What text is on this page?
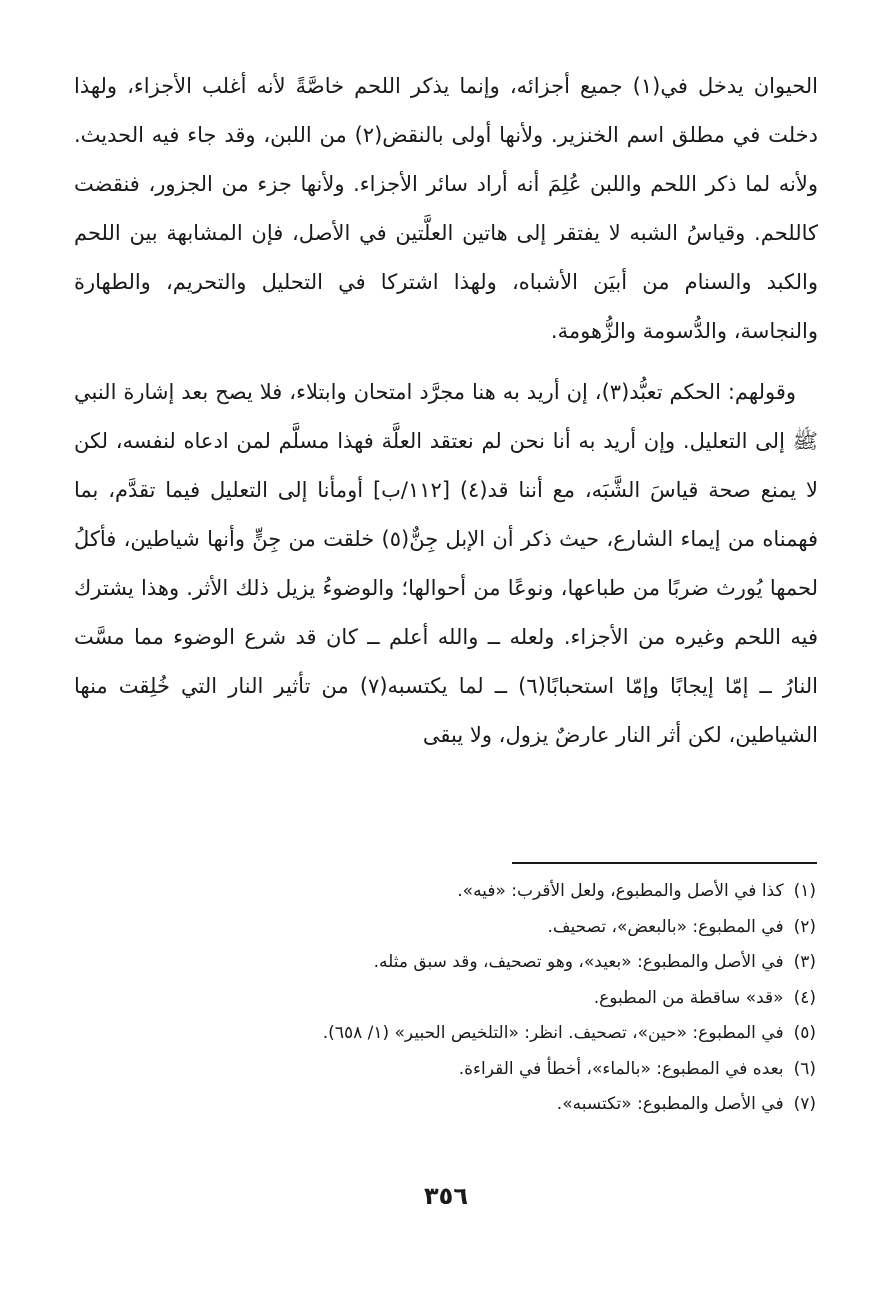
الحيوان يدخل في(١) جميع أجزائه، وإنما يذكر اللحم خاصَّةً لأنه أغلب الأجزاء، ولهذا دخلت في مطلق اسم الخنزير. ولأنها أولى بالنقض(٢) من اللبن، وقد جاء فيه الحديث. ولأنه لما ذكر اللحم واللبن عُلِمَ أنه أراد سائر الأجزاء. ولأنها جزء من الجزور، فنقضت كاللحم. وقياسُ الشبه لا يفتقر إلى هاتين العلَّتين في الأصل، فإن المشابهة بين اللحم والكبد والسنام من أبيَن الأشباه، ولهذا اشتركا في التحليل والتحريم، والطهارة والنجاسة، والدُّسومة والزُّهومة.

وقولهم: الحكم تعبُّد(٣)، إن أريد به هنا مجرَّد امتحان وابتلاء، فلا يصح بعد إشارة النبي ﷺ إلى التعليل. وإن أريد به أنا نحن لم نعتقد العلَّة فهذا مسلَّم لمن ادعاه لنفسه، لكن لا يمنع صحة قياسَ الشَّبَه، مع أننا قد(٤) [١١٢/ب] أومأنا إلى التعليل فيما تقدَّم، بما فهمناه من إيماء الشارع، حيث ذكر أن الإبل جِنٌّ(٥) خلقت من جِنٍّ وأنها شياطين، فأكلُ لحمها يُورث ضربًا من طباعها، ونوعًا من أحوالها؛ والوضوءُ يزيل ذلك الأثر. وهذا يشترك فيه اللحم وغيره من الأجزاء. ولعله ــ والله أعلم ــ كان قد شرع الوضوء مما مسَّت النارُ ــ إمّا إيجابًا وإمّا استحبابًا(٦) ــ لما يكتسبه(٧) من تأثير النار التي خُلِقت منها الشياطين، لكن أثر النار عارضٌ يزول، ولا يبقى

(١)كذا في الأصل والمطبوع، ولعل الأقرب: «فيه».
(٢)في المطبوع: «بالبعض»، تصحيف.
(٣)في الأصل والمطبوع: «بعيد»، وهو تصحيف، وقد سبق مثله.
(٤)«قد» ساقطة من المطبوع.
(٥)في المطبوع: «حين»، تصحيف. انظر: «التلخيص الحبير» (١/ ٦٥٨).
(٦)بعده في المطبوع: «بالماء»، أخطأ في القراءة.
(٧)في الأصل والمطبوع: «تكتسبه».
٣٥٦
